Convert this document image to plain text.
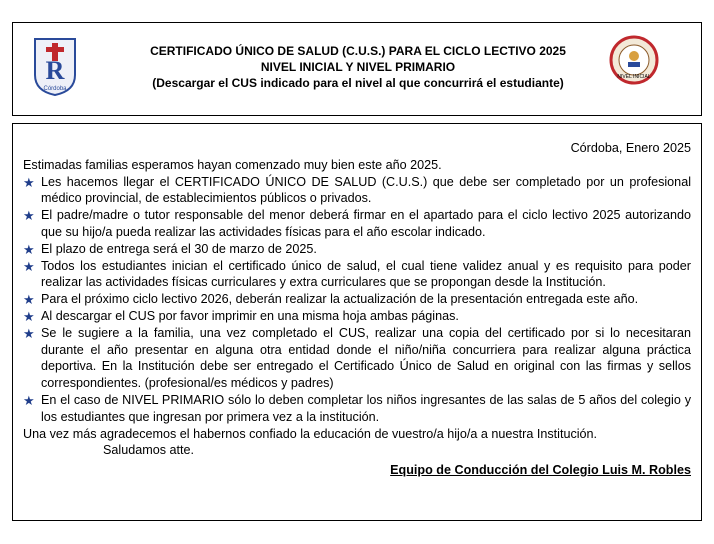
R
Córdoba
CERTIFICADO ÚNICO DE SALUD (C.U.S.) PARA EL CICLO LECTIVO 2025
NIVEL INICIAL Y NIVEL PRIMARIO
(Descargar el CUS indicado para el nivel al que concurrirá el estudiante)	NIVEL INICIAL
Córdoba, Enero 2025
Estimadas familias esperamos hayan comenzado muy bien este año 2025.
★ Les hacemos llegar el CERTIFICADO ÚNICO DE SALUD (C.U.S.) que debe ser completado por un profesional médico provincial, de establecimientos públicos o privados.
★ El padre/madre o tutor responsable del menor deberá firmar en el apartado para el ciclo lectivo 2025 autorizando que su hijo/a pueda realizar las actividades físicas para el año escolar indicado.
★ El plazo de entrega será el 30 de marzo de 2025.
★ Todos los estudiantes inician el certificado único de salud, el cual tiene validez anual y es requisito para poder realizar las actividades físicas curriculares y extra curriculares que se propongan desde la Institución.
★ Para el próximo ciclo lectivo 2026, deberán realizar la actualización de la presentación entregada este año.
★ Al descargar el CUS por favor imprimir en una misma hoja ambas páginas.
★ Se le sugiere a la familia, una vez completado el CUS, realizar una copia del certificado por si lo necesitaran durante el año presentar en alguna otra entidad donde el niño/niña concurriera para realizar alguna práctica deportiva. En la Institución debe ser entregado el Certificado Único de Salud en original con las firmas y sellos correspondientes. (profesional/es médicos y padres)
★ En el caso de NIVEL PRIMARIO sólo lo deben completar los niños ingresantes de las salas de 5 años del colegio y los estudiantes que ingresan por primera vez a la institución.
Una vez más agradecemos el habernos confiado la educación de vuestro/a hijo/a a nuestra Institución.
Saludamos atte.
Equipo de Conducción del Colegio Luis M. Robles
